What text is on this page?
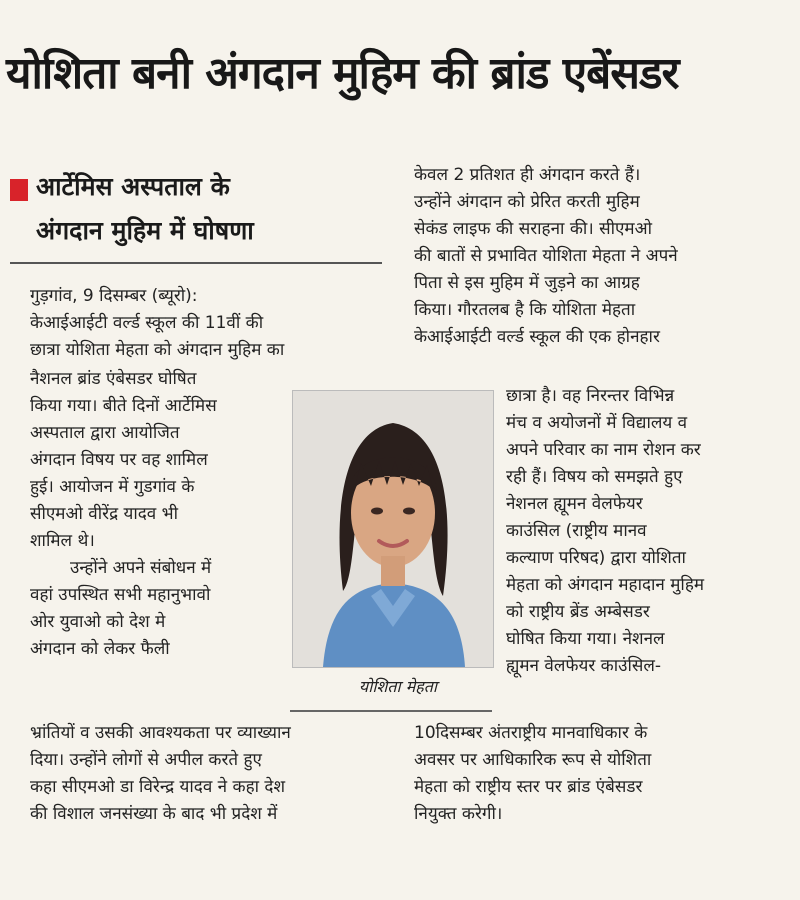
योशिता बनी अंगदान मुहिम की ब्रांड एबेंसडर
आर्टेमिस अस्पताल के
अंगदान मुहिम में घोषणा
गुड़गांव, 9 दिसम्बर (ब्यूरो):
केआईआईटी वर्ल्ड स्कूल की 11वीं की
छात्रा योशिता मेहता को अंगदान मुहिम का
नैशनल ब्रांड एंबेसडर घोषित
किया गया। बीते दिनों आर्टेमिस
अस्पताल द्वारा आयोजित
अंगदान विषय पर वह शामिल
हुई। आयोजन में गुडगांव के
सीएमओ वीरेंद्र यादव भी
शामिल थे।
उन्होंने अपने संबोधन में
वहां उपस्थित सभी महानुभावो
ओर युवाओ को देश मे
अंगदान को लेकर फैली
भ्रांतियों व उसकी आवश्यकता पर व्याख्यान
दिया। उन्होंने लोगों से अपील करते हुए
कहा सीएमओ डा विरेन्द्र यादव ने कहा देश
की विशाल जनसंख्या के बाद भी प्रदेश में
केवल 2 प्रतिशत ही अंगदान करते हैं।
उन्होंने अंगदान को प्रेरित करती मुहिम
सेकंड लाइफ की सराहना की। सीएमओ
की बातों से प्रभावित योशिता मेहता ने अपने
पिता से इस मुहिम में जुड़ने का आग्रह
किया। गौरतलब है कि योशिता मेहता
केआईआईटी वर्ल्ड स्कूल की एक होनहार
छात्रा है। वह निरन्तर विभिन्न
मंच व अयोजनों में विद्यालय व
अपने परिवार का नाम रोशन कर
रही हैं। विषय को समझते हुए
नेशनल ह्यूमन वेलफेयर
काउंसिल (राष्ट्रीय मानव
कल्याण परिषद) द्वारा योशिता
मेहता को अंगदान महादान मुहिम
को राष्ट्रीय ब्रेंड अम्बेसडर
घोषित किया गया। नेशनल
ह्यूमन वेलफेयर काउंसिल-
10दिसम्बर अंतराष्ट्रीय मानवाधिकार के
अवसर पर आधिकारिक रूप से योशिता
मेहता को राष्ट्रीय स्तर पर ब्रांड एंबेसडर
नियुक्त करेगी।
योशिता मेहता
